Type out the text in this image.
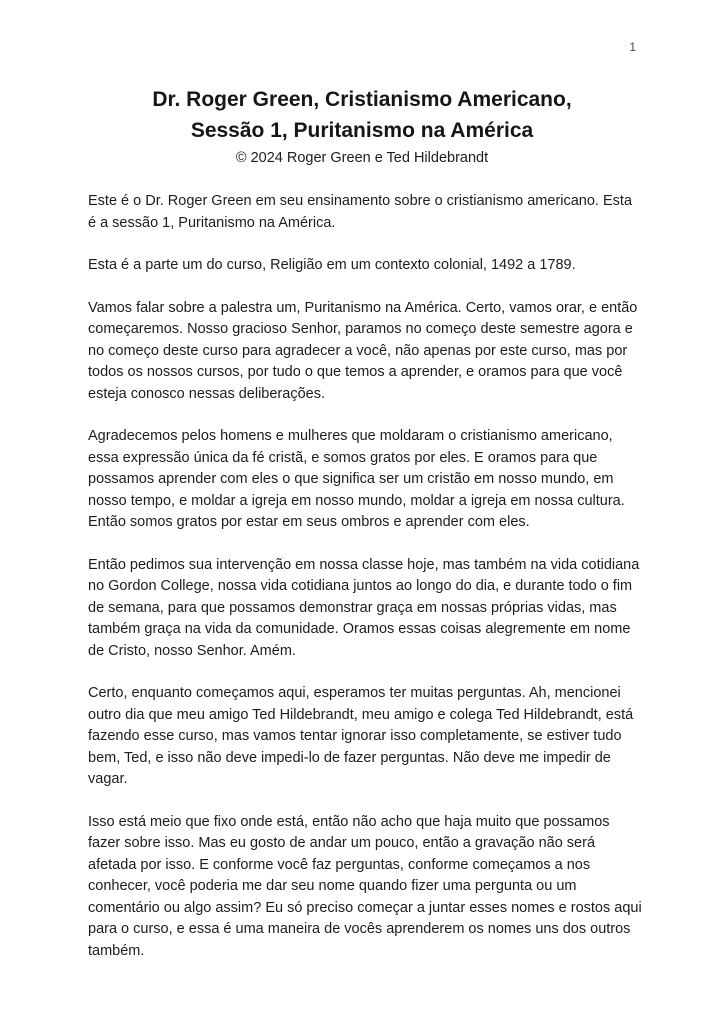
1
Dr. Roger Green, Cristianismo Americano,
Sessão 1, Puritanismo na América
© 2024 Roger Green e Ted Hildebrandt

Este é o Dr. Roger Green em seu ensinamento sobre o cristianismo americano. Esta é a sessão 1, Puritanismo na América.

Esta é a parte um do curso, Religião em um contexto colonial, 1492 a 1789.

Vamos falar sobre a palestra um, Puritanismo na América. Certo, vamos orar, e então começaremos. Nosso gracioso Senhor, paramos no começo deste semestre agora e no começo deste curso para agradecer a você, não apenas por este curso, mas por todos os nossos cursos, por tudo o que temos a aprender, e oramos para que você esteja conosco nessas deliberações.

Agradecemos pelos homens e mulheres que moldaram o cristianismo americano, essa expressão única da fé cristã, e somos gratos por eles. E oramos para que possamos aprender com eles o que significa ser um cristão em nosso mundo, em nosso tempo, e moldar a igreja em nosso mundo, moldar a igreja em nossa cultura. Então somos gratos por estar em seus ombros e aprender com eles.

Então pedimos sua intervenção em nossa classe hoje, mas também na vida cotidiana no Gordon College, nossa vida cotidiana juntos ao longo do dia, e durante todo o fim de semana, para que possamos demonstrar graça em nossas próprias vidas, mas também graça na vida da comunidade. Oramos essas coisas alegremente em nome de Cristo, nosso Senhor. Amém.

Certo, enquanto começamos aqui, esperamos ter muitas perguntas. Ah, mencionei outro dia que meu amigo Ted Hildebrandt, meu amigo e colega Ted Hildebrandt, está fazendo esse curso, mas vamos tentar ignorar isso completamente, se estiver tudo bem, Ted, e isso não deve impedi-lo de fazer perguntas. Não deve me impedir de vagar.

Isso está meio que fixo onde está, então não acho que haja muito que possamos fazer sobre isso. Mas eu gosto de andar um pouco, então a gravação não será afetada por isso. E conforme você faz perguntas, conforme começamos a nos conhecer, você poderia me dar seu nome quando fizer uma pergunta ou um comentário ou algo assim? Eu só preciso começar a juntar esses nomes e rostos aqui para o curso, e essa é uma maneira de vocês aprenderem os nomes uns dos outros também.
